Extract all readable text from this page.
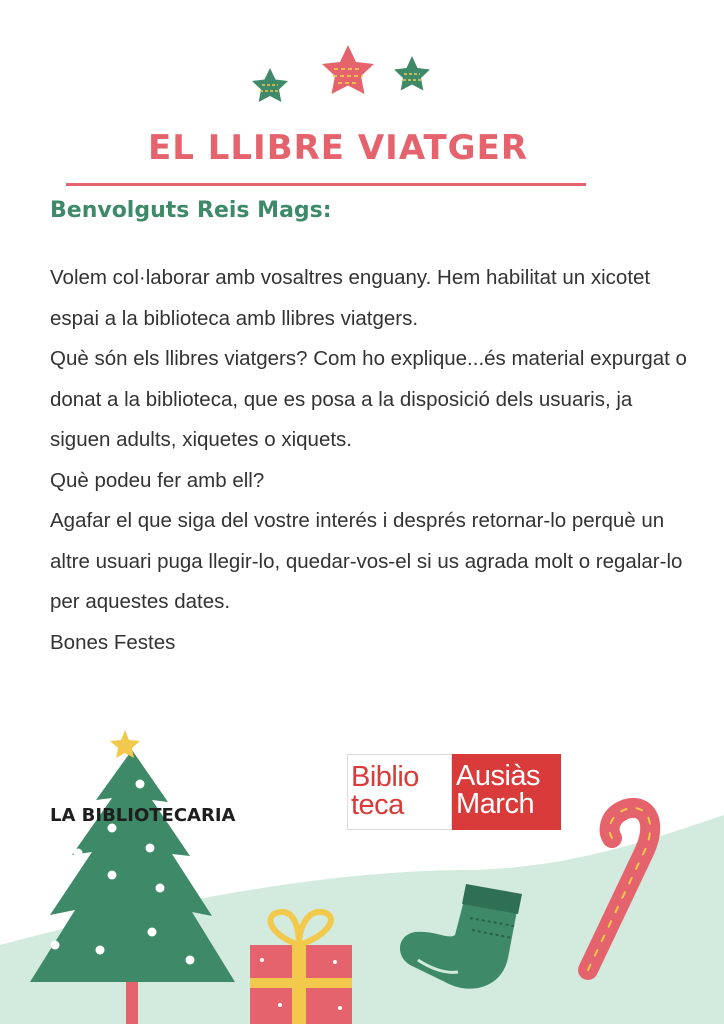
EL LLIBRE VIATGER
Benvolguts Reis Mags:

Volem col·laborar amb vosaltres enguany. Hem habilitat un xicotet espai a la biblioteca amb llibres viatgers.

Què són els llibres viatgers? Com ho explique...és material expurgat o donat a la biblioteca, que es posa a la disposició dels usuaris, ja siguen adults, xiquetes o xiquets.

Què podeu fer amb ell?

Agafar el que siga del vostre interés i després retornar-lo perquè un altre usuari puga llegir-lo, quedar-vos-el si us agrada molt o regalar-lo per aquestes dates.

Bones Festes

LA BIBLIOTECARIA
Biblio
teca
Ausiàs
March
